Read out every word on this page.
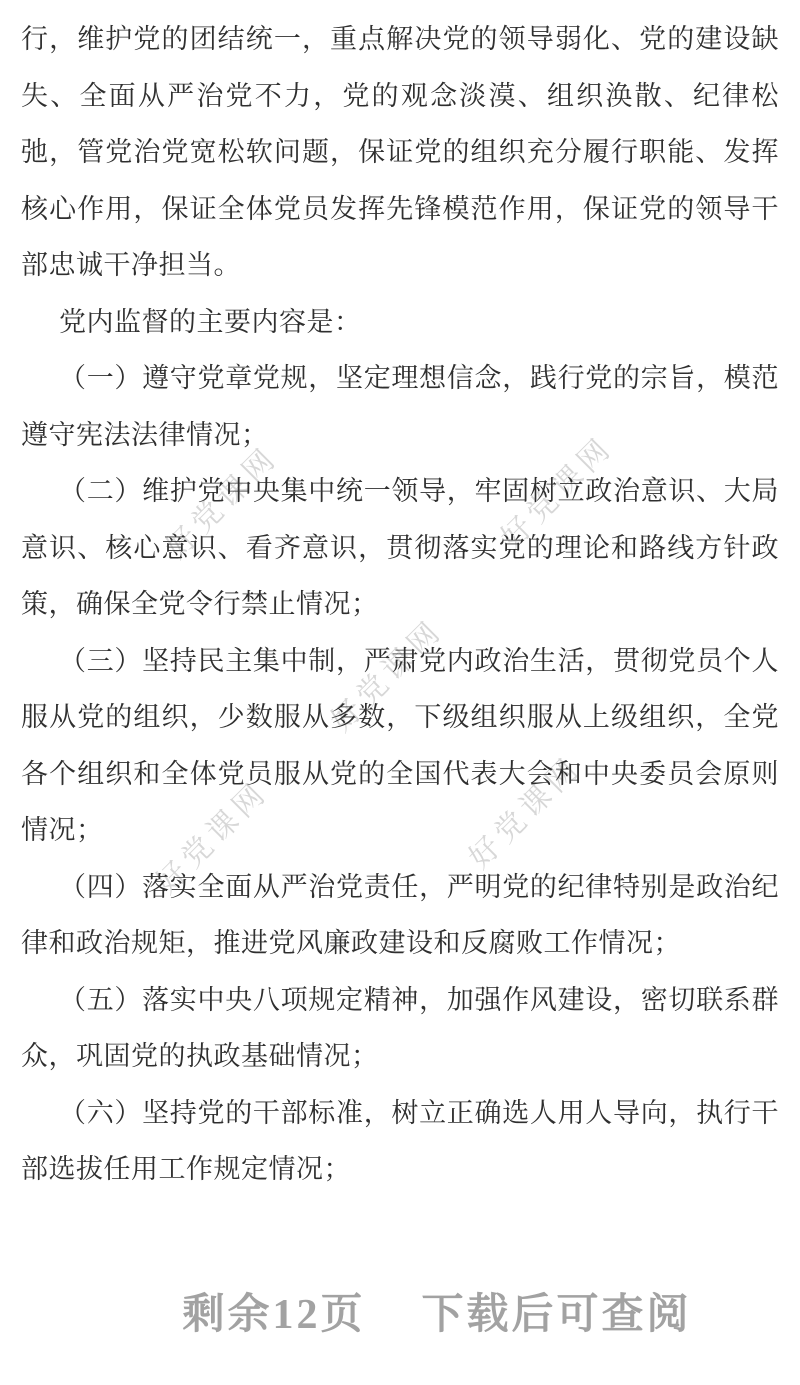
好党课网	好党课网
好党课网
好党课网	好党课网

行，维护党的团结统一，重点解决党的领导弱化、党的建设缺失、全面从严治党不力，党的观念淡漠、组织涣散、纪律松弛，管党治党宽松软问题，保证党的组织充分履行职能、发挥核心作用，保证全体党员发挥先锋模范作用，保证党的领导干部忠诚干净担当。

党内监督的主要内容是：

（一）遵守党章党规，坚定理想信念，践行党的宗旨，模范遵守宪法法律情况；

（二）维护党中央集中统一领导，牢固树立政治意识、大局意识、核心意识、看齐意识，贯彻落实党的理论和路线方针政策，确保全党令行禁止情况；

（三）坚持民主集中制，严肃党内政治生活，贯彻党员个人服从党的组织，少数服从多数，下级组织服从上级组织，全党各个组织和全体党员服从党的全国代表大会和中央委员会原则情况；

（四）落实全面从严治党责任，严明党的纪律特别是政治纪律和政治规矩，推进党风廉政建设和反腐败工作情况；

（五）落实中央八项规定精神，加强作风建设，密切联系群众，巩固党的执政基础情况；

（六）坚持党的干部标准，树立正确选人用人导向，执行干部选拔任用工作规定情况；

剩余12页 下载后可查阅
